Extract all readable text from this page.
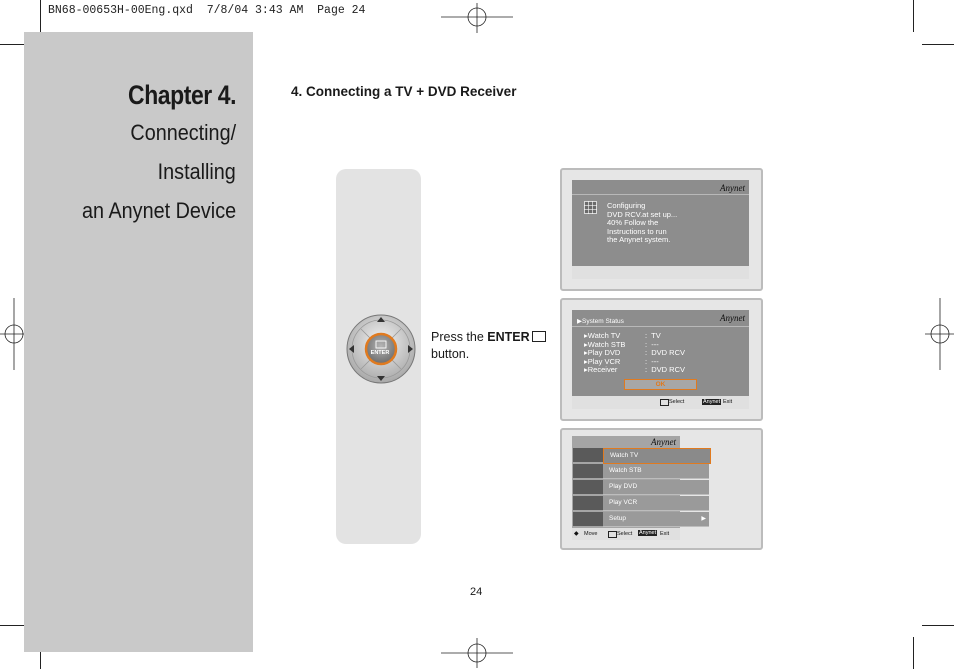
BN68-00653H-00Eng.qxd  7/8/04 3:43 AM  Page 24
Chapter 4.
Connecting/
Installing
an Anynet Device
4. Connecting a TV + DVD Receiver
ENTER
Press the ENTER
button.
Anynet
Configuring
DVD RCV.at set up...
40% Follow the
Instructions to run
the Anynet system.
▶System Status	Anynet
▸Watch TV	:  TV
▸Watch STB	:  ---
▸Play DVD	:  DVD RCV
▸Play VCR	:  ---
▸Receiver	:  DVD RCV
OK
Select	Anynet Exit
Anynet
Watch TV
Watch STB
Play DVD
Play VCR
Setup	▶
◆ Move	Select Anynet Exit
24
